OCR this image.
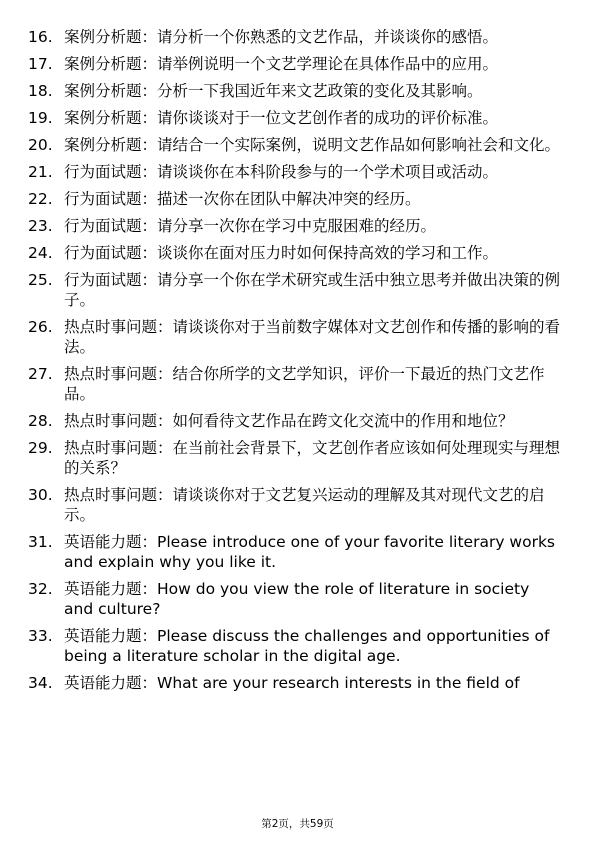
16. 案例分析题：请分析一个你熟悉的文艺作品，并谈谈你的感悟。
17. 案例分析题：请举例说明一个文艺学理论在具体作品中的应用。
18. 案例分析题：分析一下我国近年来文艺政策的变化及其影响。
19. 案例分析题：请你谈谈对于一位文艺创作者的成功的评价标准。
20. 案例分析题：请结合一个实际案例，说明文艺作品如何影响社会和文化。
21. 行为面试题：请谈谈你在本科阶段参与的一个学术项目或活动。
22. 行为面试题：描述一次你在团队中解决冲突的经历。
23. 行为面试题：请分享一次你在学习中克服困难的经历。
24. 行为面试题：谈谈你在面对压力时如何保持高效的学习和工作。
25. 行为面试题：请分享一个你在学术研究或生活中独立思考并做出决策的例子。
26. 热点时事问题：请谈谈你对于当前数字媒体对文艺创作和传播的影响的看法。
27. 热点时事问题：结合你所学的文艺学知识，评价一下最近的热门文艺作品。
28. 热点时事问题：如何看待文艺作品在跨文化交流中的作用和地位？
29. 热点时事问题：在当前社会背景下，文艺创作者应该如何处理现实与理想的关系？
30. 热点时事问题：请谈谈你对于文艺复兴运动的理解及其对现代文艺的启示。
31. 英语能力题：Please introduce one of your favorite literary works and explain why you like it.
32. 英语能力题：How do you view the role of literature in society and culture?
33. 英语能力题：Please discuss the challenges and opportunities of being a literature scholar in the digital age.
34. 英语能力题：What are your research interests in the field of
第2页，共59页
